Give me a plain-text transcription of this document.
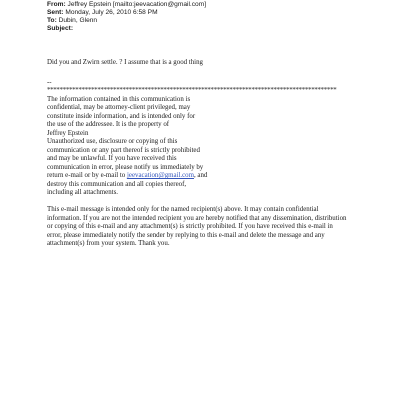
From: Jeffrey Epstein [mailto:jeevacation@gmail.com]
Sent: Monday, July 26, 2010 6:58 PM
To: Dubin, Glenn
Subject:

Did you and Zwirn settle. ? I assume that is a good thing

--

********************************************************************************************

The information contained in this communication is

confidential, may be attorney-client privileged, may

constitute inside information, and is intended only for

the use of the addressee. It is the property of

Jeffrey Epstein

Unauthorized use, disclosure or copying of this

communication or any part thereof is strictly prohibited

and may be unlawful. If you have received this

communication in error, please notify us immediately by

return e-mail or by e-mail to jeevacation@gmail.com, and

destroy this communication and all copies thereof,

including all attachments.

This e-mail message is intended only for the named recipient(s) above. It may contain confidential information. If you are not the intended recipient you are hereby notified that any dissemination, distribution or copying of this e-mail and any attachment(s) is strictly prohibited. If you have received this e-mail in error, please immediately notify the sender by replying to this e-mail and delete the message and any attachment(s) from your system. Thank you.
